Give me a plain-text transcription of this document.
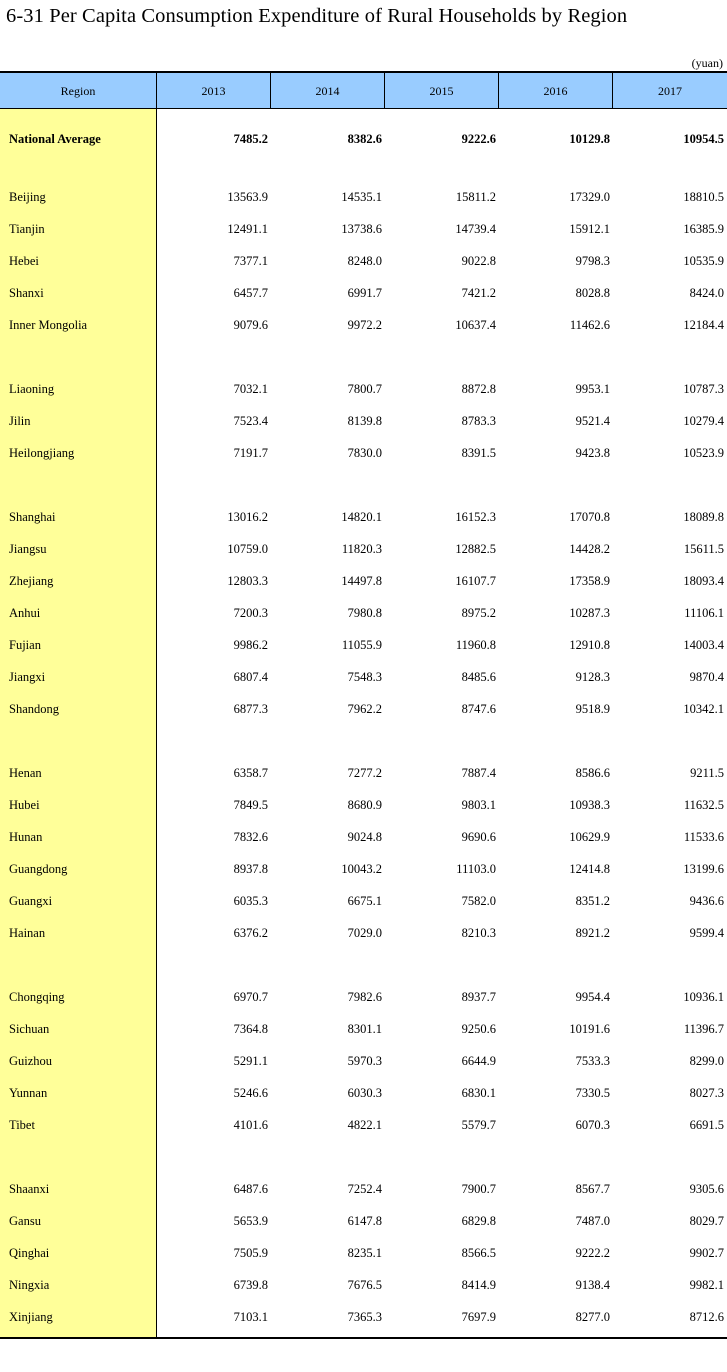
6-31 Per Capita Consumption Expenditure of Rural Households by Region
(yuan)
Region	2013	2014	2015	2016	2017
National Average	7485.2	8382.6	9222.6	10129.8	10954.5
Beijing	13563.9	14535.1	15811.2	17329.0	18810.5
Tianjin	12491.1	13738.6	14739.4	15912.1	16385.9
Hebei	7377.1	8248.0	9022.8	9798.3	10535.9
Shanxi	6457.7	6991.7	7421.2	8028.8	8424.0
Inner Mongolia	9079.6	9972.2	10637.4	11462.6	12184.4
Liaoning	7032.1	7800.7	8872.8	9953.1	10787.3
Jilin	7523.4	8139.8	8783.3	9521.4	10279.4
Heilongjiang	7191.7	7830.0	8391.5	9423.8	10523.9
Shanghai	13016.2	14820.1	16152.3	17070.8	18089.8
Jiangsu	10759.0	11820.3	12882.5	14428.2	15611.5
Zhejiang	12803.3	14497.8	16107.7	17358.9	18093.4
Anhui	7200.3	7980.8	8975.2	10287.3	11106.1
Fujian	9986.2	11055.9	11960.8	12910.8	14003.4
Jiangxi	6807.4	7548.3	8485.6	9128.3	9870.4
Shandong	6877.3	7962.2	8747.6	9518.9	10342.1
Henan	6358.7	7277.2	7887.4	8586.6	9211.5
Hubei	7849.5	8680.9	9803.1	10938.3	11632.5
Hunan	7832.6	9024.8	9690.6	10629.9	11533.6
Guangdong	8937.8	10043.2	11103.0	12414.8	13199.6
Guangxi	6035.3	6675.1	7582.0	8351.2	9436.6
Hainan	6376.2	7029.0	8210.3	8921.2	9599.4
Chongqing	6970.7	7982.6	8937.7	9954.4	10936.1
Sichuan	7364.8	8301.1	9250.6	10191.6	11396.7
Guizhou	5291.1	5970.3	6644.9	7533.3	8299.0
Yunnan	5246.6	6030.3	6830.1	7330.5	8027.3
Tibet	4101.6	4822.1	5579.7	6070.3	6691.5
Shaanxi	6487.6	7252.4	7900.7	8567.7	9305.6
Gansu	5653.9	6147.8	6829.8	7487.0	8029.7
Qinghai	7505.9	8235.1	8566.5	9222.2	9902.7
Ningxia	6739.8	7676.5	8414.9	9138.4	9982.1
Xinjiang	7103.1	7365.3	7697.9	8277.0	8712.6
